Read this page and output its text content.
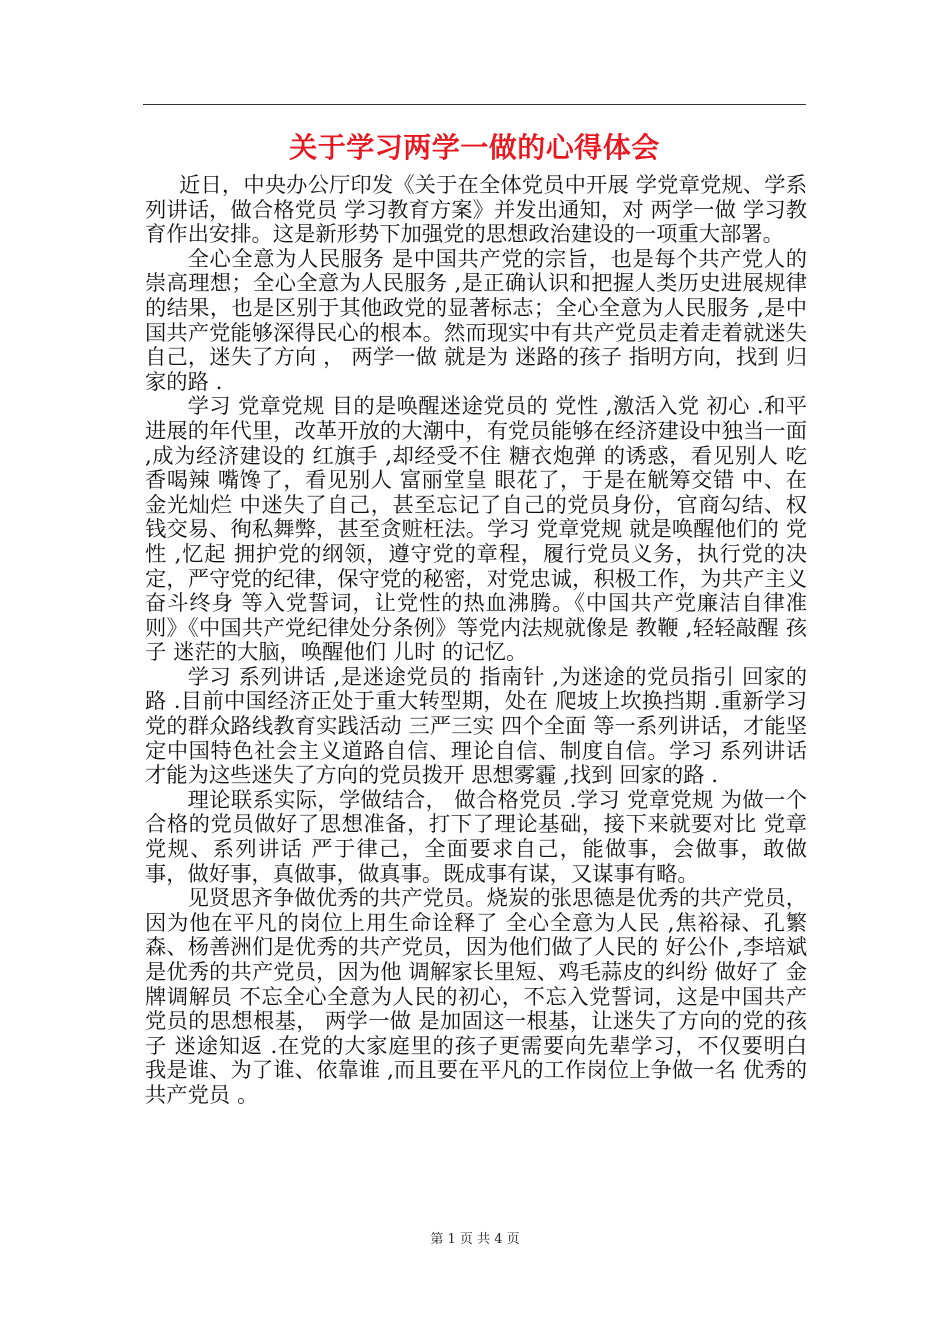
关于学习两学一做的心得体会

近日，中央办公厅印发《关于在全体党员中开展 学党章党规、学系列讲话，做合格党员 学习教育方案》并发出通知，对 两学一做 学习教育作出安排。这是新形势下加强党的思想政治建设的一项重大部署。

全心全意为人民服务 是中国共产党的宗旨，也是每个共产党人的崇高理想；全心全意为人民服务 ,是正确认识和把握人类历史进展规律的结果，也是区别于其他政党的显著标志；全心全意为人民服务 ,是中国共产党能够深得民心的根本。然而现实中有共产党员走着走着就迷失自己，迷失了方向 ， 两学一做 就是为 迷路的孩子 指明方向，找到 归家的路 .

学习 党章党规 目的是唤醒迷途党员的 党性 ,激活入党 初心 .和平进展的年代里，改革开放的大潮中，有党员能够在经济建设中独当一面 ,成为经济建设的 红旗手 ,却经受不住 糖衣炮弹 的诱惑，看见别人 吃香喝辣 嘴馋了，看见别人 富丽堂皇 眼花了，于是在觥筹交错 中、在 金光灿烂 中迷失了自己，甚至忘记了自己的党员身份，官商勾结、权钱交易、徇私舞弊，甚至贪赃枉法。学习 党章党规 就是唤醒他们的 党性 ,忆起 拥护党的纲领，遵守党的章程，履行党员义务，执行党的决定，严守党的纪律，保守党的秘密，对党忠诚，积极工作，为共产主义奋斗终身 等入党誓词，让党性的热血沸腾。《中国共产党廉洁自律准则》《中国共产党纪律处分条例》等党内法规就像是 教鞭 ,轻轻敲醒 孩子 迷茫的大脑，唤醒他们 儿时 的记忆。

学习 系列讲话 ,是迷途党员的 指南针 ,为迷途的党员指引 回家的路 .目前中国经济正处于重大转型期，处在 爬坡上坎换挡期 .重新学习 党的群众路线教育实践活动 三严三实 四个全面 等一系列讲话，才能坚定中国特色社会主义道路自信、理论自信、制度自信。学习 系列讲话 才能为这些迷失了方向的党员拨开 思想雾霾 ,找到 回家的路 .

理论联系实际，学做结合， 做合格党员 .学习 党章党规 为做一个合格的党员做好了思想准备，打下了理论基础，接下来就要对比 党章党规、系列讲话 严于律己，全面要求自己，能做事，会做事，敢做事，做好事，真做事，做真事。既成事有谋，又谋事有略。

见贤思齐争做优秀的共产党员。烧炭的张思德是优秀的共产党员，因为他在平凡的岗位上用生命诠释了 全心全意为人民 ,焦裕禄、孔繁森、杨善洲们是优秀的共产党员，因为他们做了人民的 好公仆 ,李培斌是优秀的共产党员，因为他 调解家长里短、鸡毛蒜皮的纠纷 做好了 金牌调解员 不忘全心全意为人民的初心，不忘入党誓词，这是中国共产党员的思想根基， 两学一做 是加固这一根基，让迷失了方向的党的孩子 迷途知返 .在党的大家庭里的孩子更需要向先辈学习，不仅要明白 我是谁、为了谁、依靠谁 ,而且要在平凡的工作岗位上争做一名 优秀的共产党员 。

第 1 页 共 4 页
